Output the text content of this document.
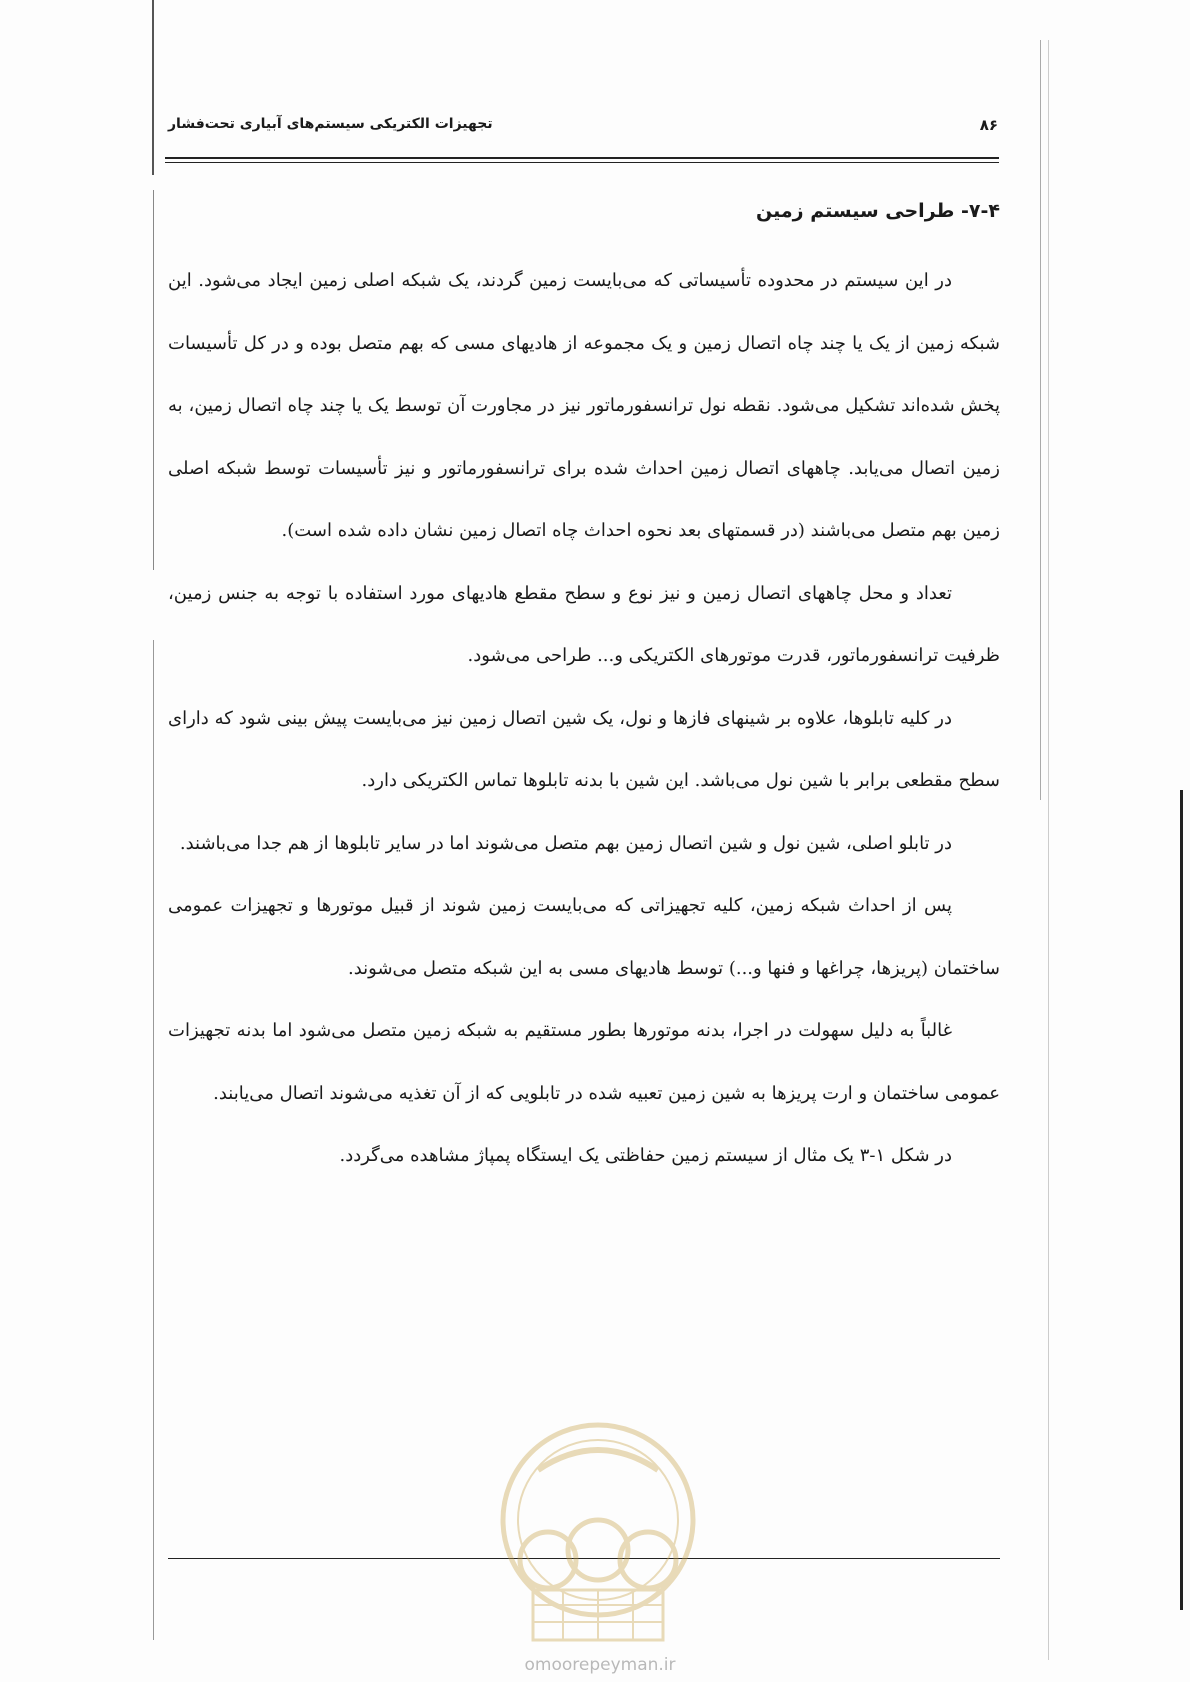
۸۶
تجهیزات الکتریکی سیستم‌های آبیاری تحت‌فشار
۷-۴- طراحی سیستم زمین

در این سیستم در محدوده تأسیساتی که می‌بایست زمین گردند، یک شبکه اصلی زمین ایجاد می‌شود. این شبکه زمین از یک یا چند چاه اتصال زمین و یک مجموعه از هادیهای مسی که بهم متصل بوده و در کل تأسیسات پخش شده‌اند تشکیل می‌شود. نقطه نول ترانسفورماتور نیز در مجاورت آن توسط یک یا چند چاه اتصال زمین، به زمین اتصال می‌یابد. چاههای اتصال زمین احداث شده برای ترانسفورماتور و نیز تأسیسات توسط شبکه اصلی زمین بهم متصل می‌باشند (در قسمتهای بعد نحوه احداث چاه اتصال زمین نشان داده شده است).

تعداد و محل چاههای اتصال زمین و نیز نوع و سطح مقطع هادیهای مورد استفاده با توجه به جنس زمین، ظرفیت ترانسفورماتور، قدرت موتورهای الکتریکی و... طراحی می‌شود.

در کلیه تابلوها، علاوه بر شینهای فازها و نول، یک شین اتصال زمین نیز می‌بایست پیش بینی شود که دارای سطح مقطعی برابر با شین نول می‌باشد. این شین با بدنه تابلوها تماس الکتریکی دارد.

در تابلو اصلی، شین نول و شین اتصال زمین بهم متصل می‌شوند اما در سایر تابلوها از هم جدا می‌باشند.

پس از احداث شبکه زمین، کلیه تجهیزاتی که می‌بایست زمین شوند از قبیل موتورها و تجهیزات عمومی ساختمان (پریزها، چراغها و فنها و...) توسط هادیهای مسی به این شبکه متصل می‌شوند.

غالباً به دلیل سهولت در اجرا، بدنه موتورها بطور مستقیم به شبکه زمین متصل می‌شود اما بدنه تجهیزات عمومی ساختمان و ارت پریزها به شین زمین تعبیه شده در تابلویی که از آن تغذیه می‌شوند اتصال می‌یابند.

در شکل ۱-۳ یک مثال از سیستم زمین حفاظتی یک ایستگاه پمپاژ مشاهده می‌گردد.

omoorepeyman.ir
